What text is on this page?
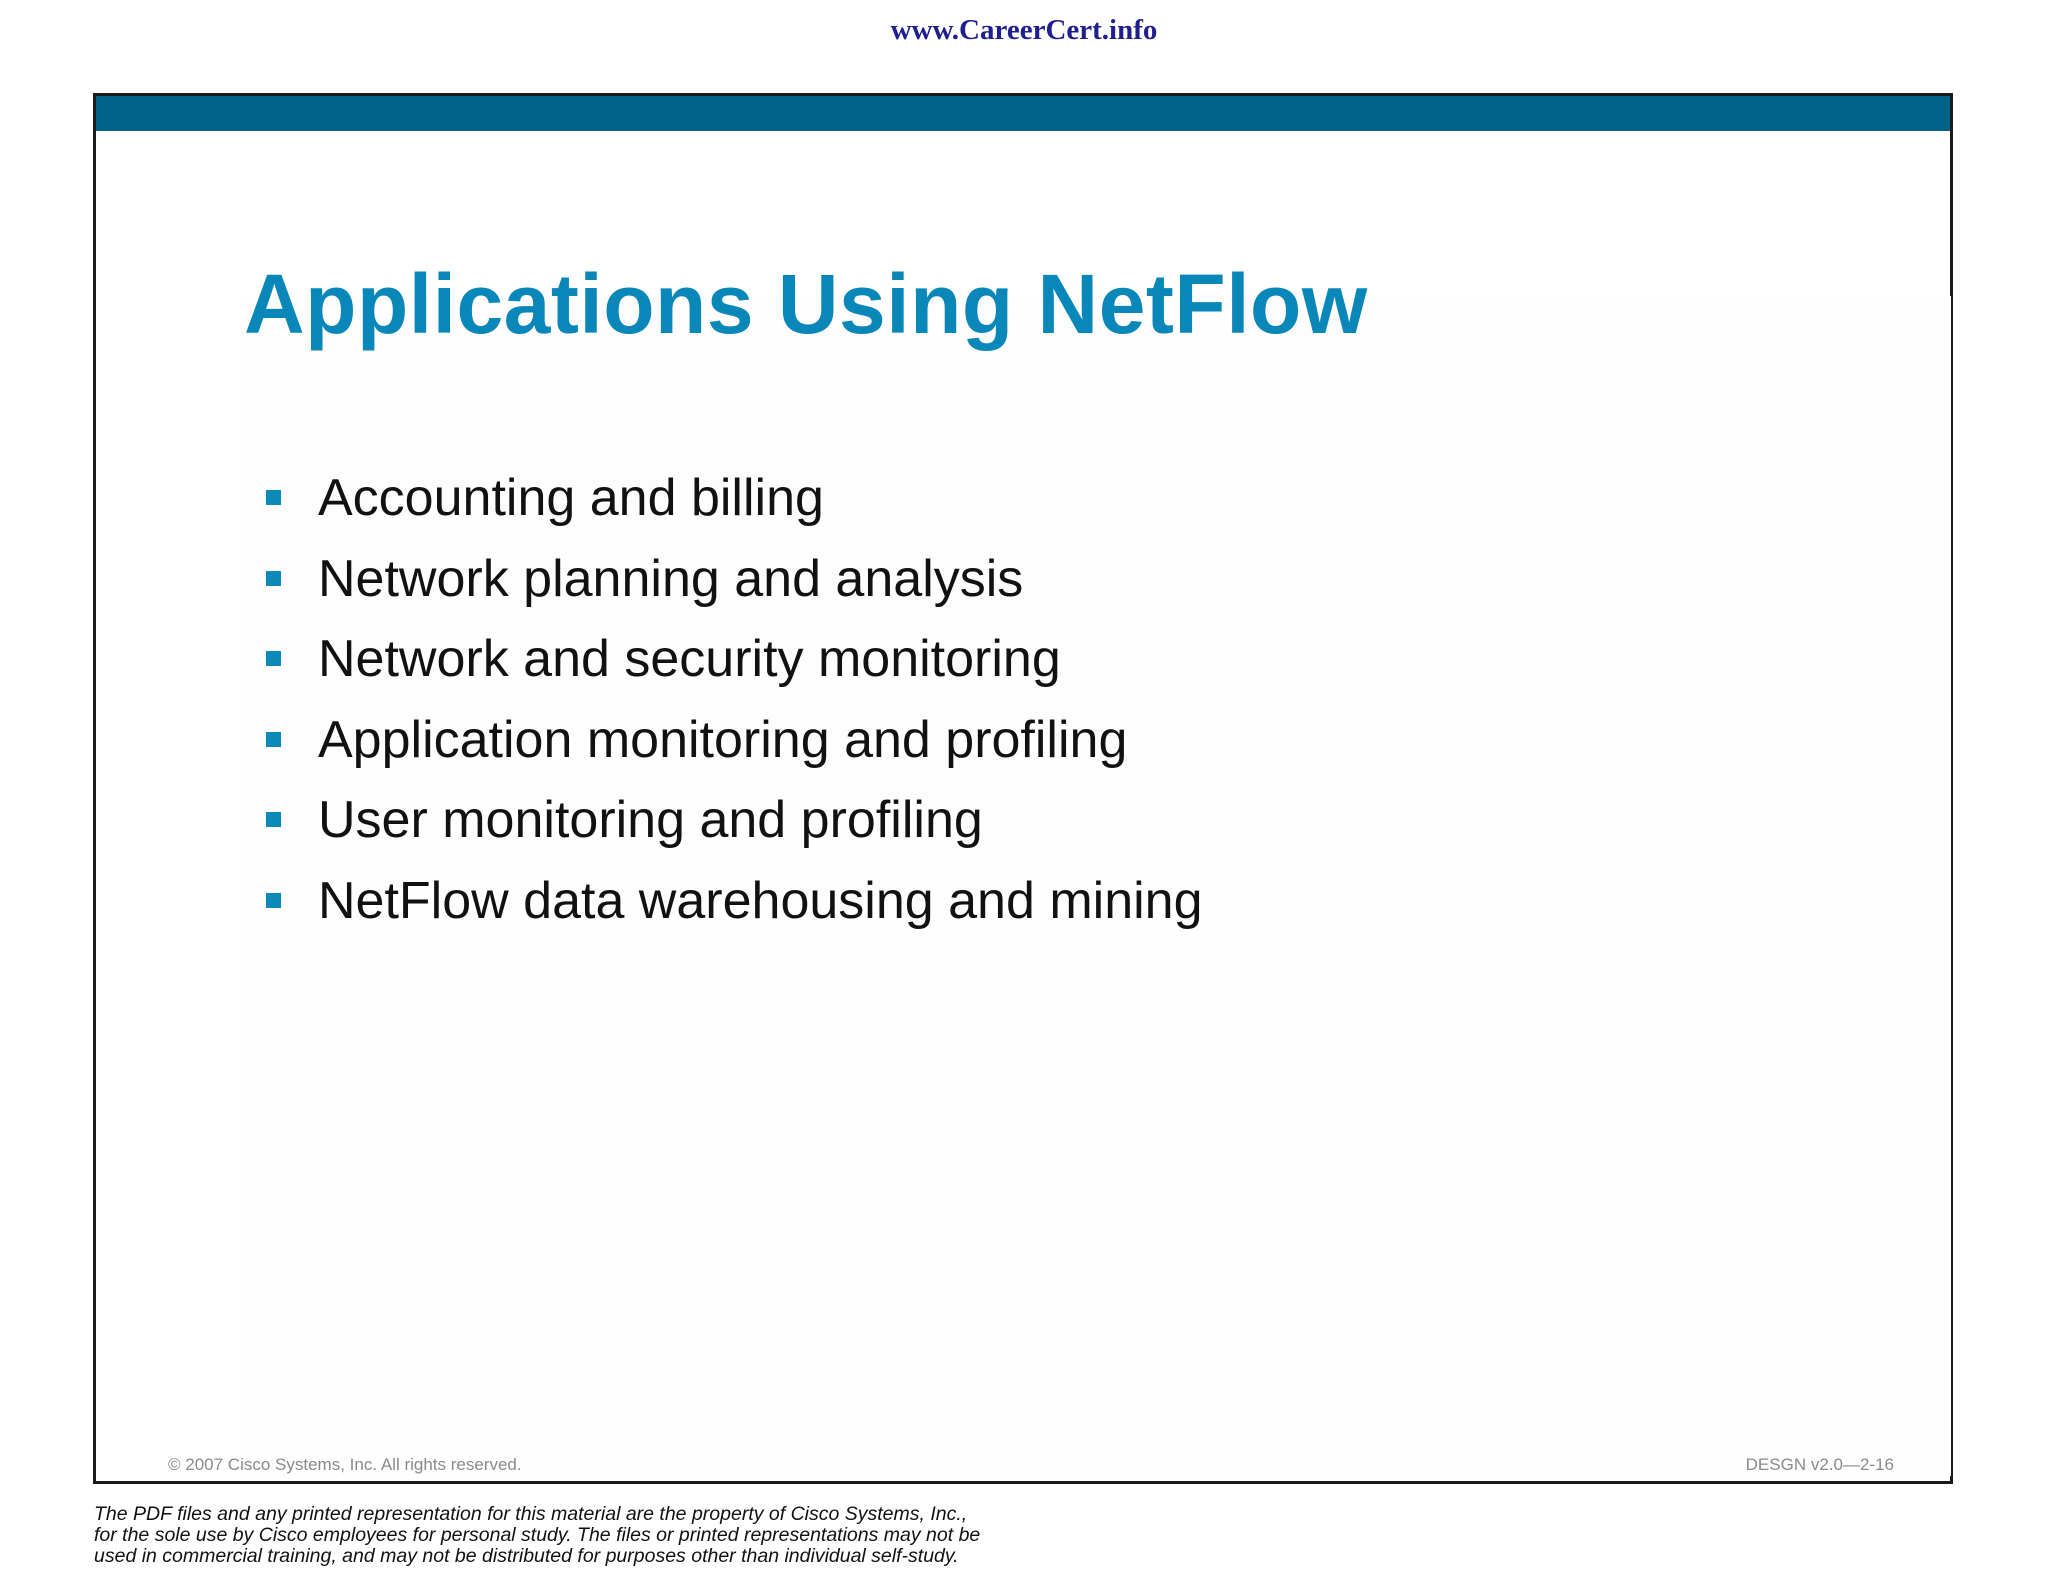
www.CareerCert.info
Applications Using NetFlow
Accounting and billing
Network planning and analysis
Network and security monitoring
Application monitoring and profiling
User monitoring and profiling
NetFlow data warehousing and mining
© 2007 Cisco Systems, Inc. All rights reserved.	DESGN v2.0—2-16
The PDF files and any printed representation for this material are the property of Cisco Systems, Inc.,
for the sole use by Cisco employees for personal study. The files or printed representations may not be
used in commercial training, and may not be distributed for purposes other than individual self-study.
